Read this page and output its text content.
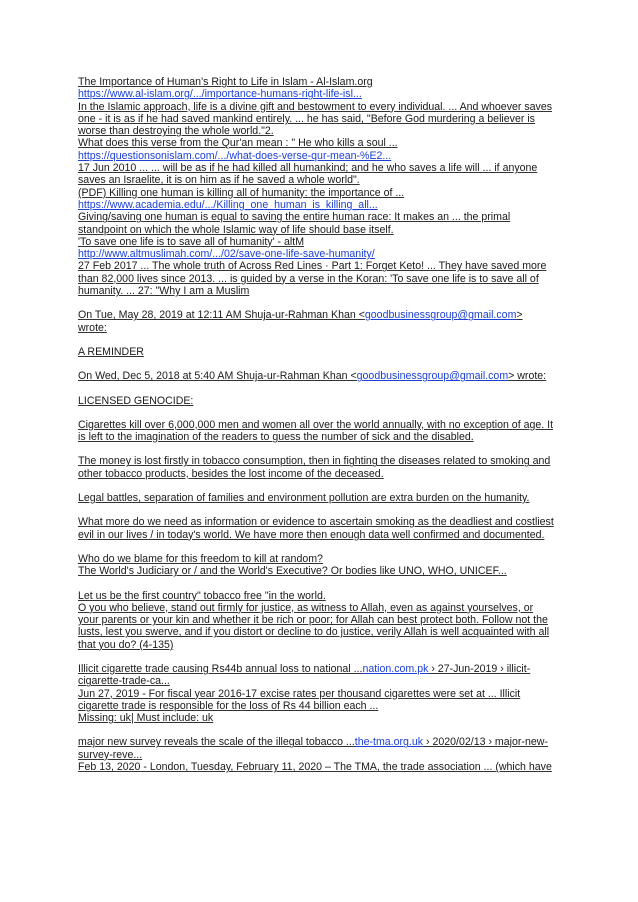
The Importance of Human's Right to Life in Islam - Al-Islam.org
https://www.al-islam.org/.../importance-humans-right-life-isl...
In the Islamic approach, life is a divine gift and bestowment to every individual. ... And whoever saves
one - it is as if he had saved mankind entirely. ... he has said, "Before God murdering a believer is
worse than destroying the whole world."2.
What does this verse from the Qur'an mean : " He who kills a soul ...
https://questionsonislam.com/.../what-does-verse-qur-mean-%E2...
17 Jun 2010 ... ... will be as if he had killed all humankind; and he who saves a life will ... if anyone
saves an Israelite, it is on him as if he saved a whole world".
(PDF) Killing one human is killing all of humanity: the importance of ...
https://www.academia.edu/.../Killing_one_human_is_killing_all...
Giving/saving one human is equal to saving the entire human race: It makes an ... the primal
standpoint on which the whole Islamic way of life should base itself.
'To save one life is to save all of humanity' - altM
http://www.altmuslimah.com/.../02/save-one-life-save-humanity/
27 Feb 2017 ... The whole truth of Across Red Lines · Part 1: Forget Keto! ... They have saved more
than 82,000 lives since 2013. ... is guided by a verse in the Koran: 'To save one life is to save all of
humanity. ... 27: "Why I am a Muslim
On Tue, May 28, 2019 at 12:11 AM Shuja-ur-Rahman Khan <goodbusinessgroup@gmail.com>
wrote:
A REMINDER
On Wed, Dec 5, 2018 at 5:40 AM Shuja-ur-Rahman Khan <goodbusinessgroup@gmail.com> wrote:
LICENSED GENOCIDE:
Cigarettes kill over 6,000,000 men and women all over the world annually, with no exception of age. It
is left to the imagination of the readers to guess the number of sick and the disabled.
The money is lost firstly in tobacco consumption, then in fighting the diseases related to smoking and
other tobacco products, besides the lost income of the deceased.
Legal battles, separation of families and environment pollution are extra burden on the humanity.
What more do we need as information or evidence to ascertain smoking as the deadliest and costliest
evil in our lives / in today's world. We have more then enough data well confirmed and documented.
Who do we blame for this freedom to kill at random?
The World's Judiciary or / and the World's Executive? Or bodies like UNO, WHO, UNICEF...
Let us be the first country" tobacco free "in the world.
O you who believe, stand out firmly for justice, as witness to Allah, even as against yourselves, or
your parents or your kin and whether it be rich or poor; for Allah can best protect both. Follow not the
lusts, lest you swerve, and if you distort or decline to do justice, verily Allah is well acquainted with all
that you do? (4-135)
Illicit cigarette trade causing Rs44b annual loss to national ...nation.com.pk › 27-Jun-2019 › illicit-
cigarette-trade-ca...
Jun 27, 2019 - For fiscal year 2016-17 excise rates per thousand cigarettes were set at ... Illicit
cigarette trade is responsible for the loss of Rs 44 billion each ...
Missing: uk| Must include: uk
major new survey reveals the scale of the illegal tobacco ...the-tma.org.uk › 2020/02/13 › major-new-
survey-reve...
Feb 13, 2020 - London, Tuesday, February 11, 2020 – The TMA, the trade association ... (which have
